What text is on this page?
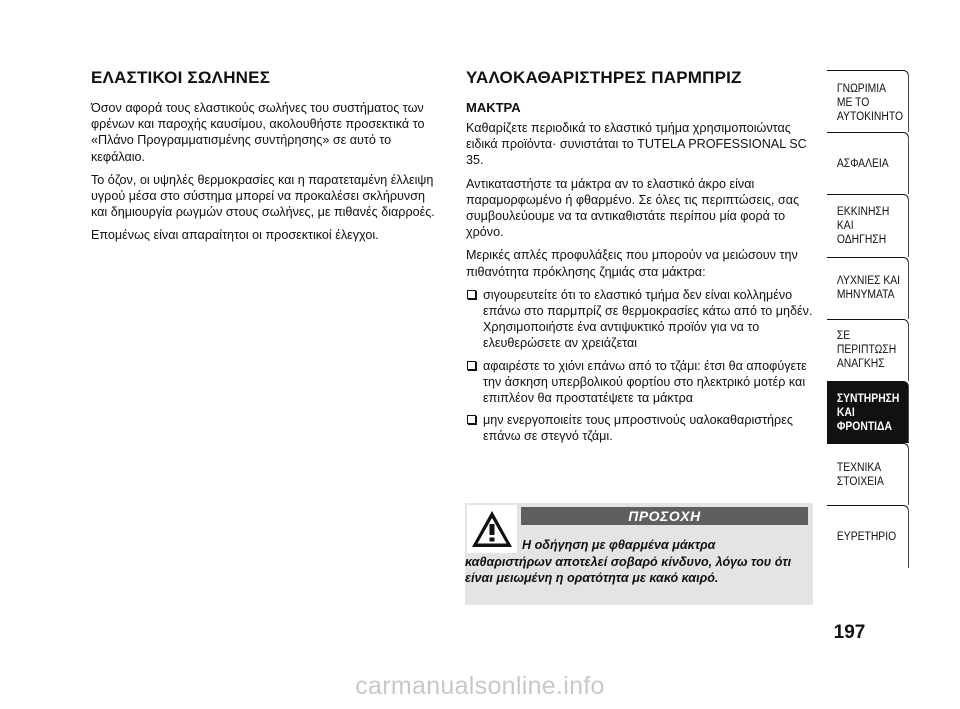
ΕΛΑΣΤΙΚΟΙ ΣΩΛΗΝΕΣ

Όσον αφορά τους ελαστικούς σωλήνες του συστήματος των φρένων και παροχής καυσίμου, ακολουθήστε προσεκτικά το «Πλάνο Προγραμματισμένης συντήρησης» σε αυτό το κεφάλαιο.

Το όζον, οι υψηλές θερμοκρασίες και η παρατεταμένη έλλειψη υγρού μέσα στο σύστημα μπορεί να προκαλέσει σκλήρυνση και δημιουργία ρωγμών στους σωλήνες, με πιθανές διαρροές.

Επομένως είναι απαραίτητοι οι προσεκτικοί έλεγχοι.

ΥΑΛΟΚΑΘΑΡΙΣΤΗΡΕΣ ΠΑΡΜΠΡΙΖ
ΜΑΚΤΡΑ

Καθαρίζετε περιοδικά το ελαστικό τμήμα χρησιμοποιώντας ειδικά προϊόντα· συνιστάται το TUTELA PROFESSIONAL SC 35.

Αντικαταστήστε τα μάκτρα αν το ελαστικό άκρο είναι παραμορφωμένο ή φθαρμένο. Σε όλες τις περιπτώσεις, σας συμβουλεύουμε να τα αντικαθιστάτε περίπου μία φορά το χρόνο.

Μερικές απλές προφυλάξεις που μπορούν να μειώσουν την πιθανότητα πρόκλησης ζημιάς στα μάκτρα:

σιγουρευτείτε ότι το ελαστικό τμήμα δεν είναι κολλημένο επάνω στο παρμπρίζ σε θερμοκρασίες κάτω από το μηδέν. Χρησιμοποιήστε ένα αντιψυκτικό προϊόν για να το ελευθερώσετε αν χρειάζεται
αφαιρέστε το χιόνι επάνω από το τζάμι: έτσι θα αποφύγετε την άσκηση υπερβολικού φορτίου στο ηλεκτρικό μοτέρ και επιπλέον θα προστατέψετε τα μάκτρα
μην ενεργοποιείτε τους μπροστινούς υαλοκαθαριστήρες επάνω σε στεγνό τζάμι.
ΠΡΟΣΟΧΗ
Η οδήγηση με φθαρμένα μάκτρα καθαριστήρων αποτελεί σοβαρό κίνδυνο, λόγω του ότι είναι μειωμένη η ορατότητα με κακό καιρό.
ΓΝΩΡΙΜΙΑ
ΜΕ ΤΟ
ΑΥΤΟΚΙΝΗΤΟ
ΑΣΦΑΛΕΙΑ
ΕΚΚΙΝΗΣΗ ΚΑΙ
ΟΔΗΓΗΣΗ
ΛΥΧΝΙΕΣ ΚΑΙ
ΜΗΝΥΜΑΤΑ
ΣΕ ΠΕΡΙΠΤΩΣΗ
ΑΝΑΓΚΗΣ
ΣΥΝΤΗΡΗΣΗ
ΚΑΙ ΦΡΟΝΤΙΔΑ
ΤΕΧΝΙΚΑ
ΣΤΟΙΧΕΙΑ
ΕΥΡΕΤΗΡΙΟ
197
carmanualsonline.info
